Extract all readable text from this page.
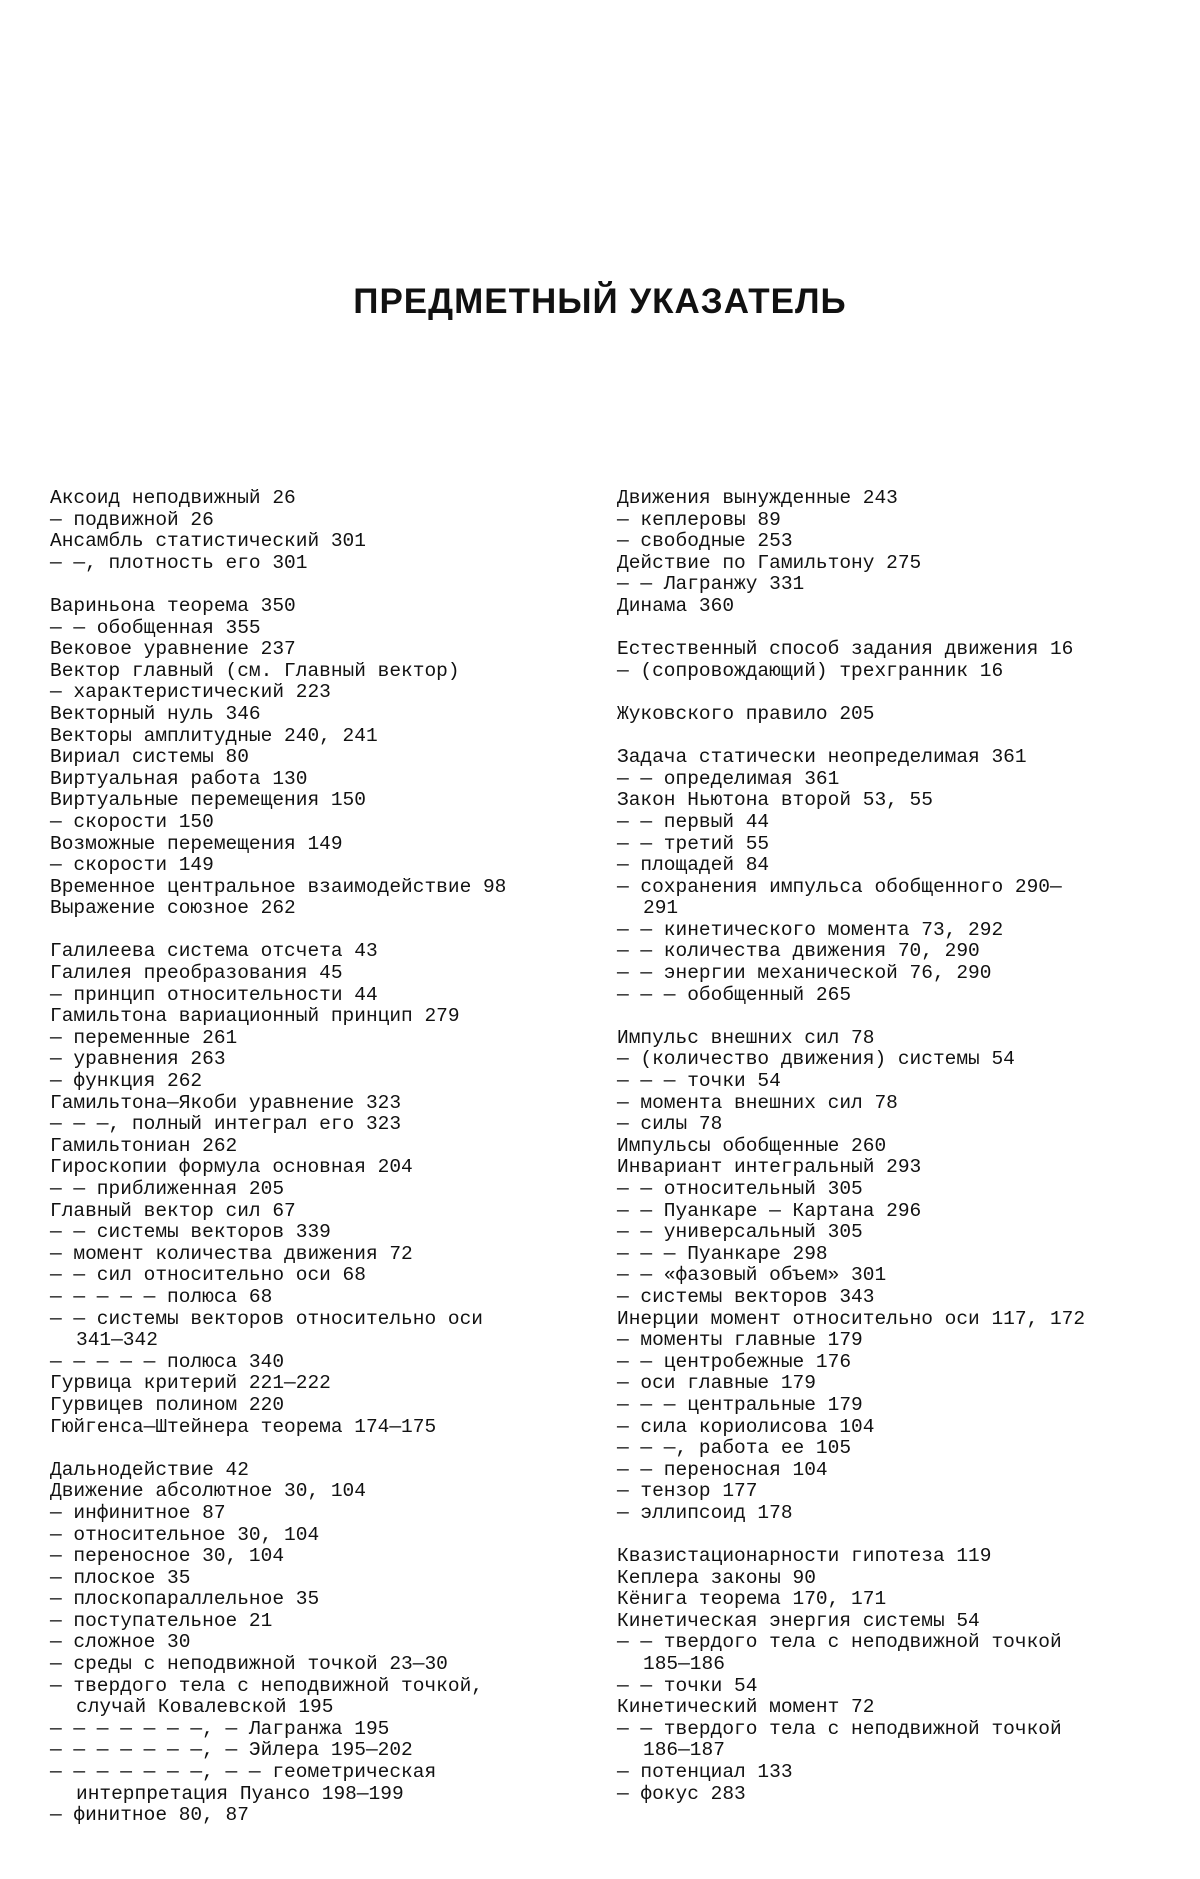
ПРЕДМЕТНЫЙ УКАЗАТЕЛЬ
Аксоид неподвижный 26
— подвижной 26
Ансамбль статистический 301
— —, плотность его 301
Вариньона теорема 350
— — обобщенная 355
Вековое уравнение 237
Вектор главный (см. Главный вектор)
— характеристический 223
Векторный нуль 346
Векторы амплитудные 240, 241
Вириал системы 80
Виртуальная работа 130
Виртуальные перемещения 150
— скорости 150
Возможные перемещения 149
— скорости 149
Временное центральное взаимодействие 98
Выражение союзное 262
Галилеева система отсчета 43
Галилея преобразования 45
— принцип относительности 44
Гамильтона вариационный принцип 279
— переменные 261
— уравнения 263
— функция 262
Гамильтона—Якоби уравнение 323
— — —, полный интеграл его 323
Гамильтониан 262
Гироскопии формула основная 204
— — приближенная 205
Главный вектор сил 67
— — системы векторов 339
— момент количества движения 72
— — сил относительно оси 68
— — — — — полюса 68
— — системы векторов относительно оси
341—342
— — — — — полюса 340
Гурвица критерий 221—222
Гурвицев полином 220
Гюйгенса—Штейнера теорема 174—175
Дальнодействие 42
Движение абсолютное 30, 104
— инфинитное 87
— относительное 30, 104
— переносное 30, 104
— плоское 35
— плоскопараллельное 35
— поступательное 21
— сложное 30
— среды с неподвижной точкой 23—30
— твердого тела с неподвижной точкой,
случай Ковалевской 195
— — — — — — —, — Лагранжа 195
— — — — — — —, — Эйлера 195—202
— — — — — — —, — — геометрическая
интерпретация Пуансо 198—199
— финитное 80, 87
Движения вынужденные 243
— кеплеровы 89
— свободные 253
Действие по Гамильтону 275
— — Лагранжу 331
Динама 360
Естественный способ задания движения 16
— (сопровождающий) трехгранник 16
Жуковского правило 205
Задача статически неопределимая 361
— — определимая 361
Закон Ньютона второй 53, 55
— — первый 44
— — третий 55
— площадей 84
— сохранения импульса обобщенного 290—
291
— — кинетического момента 73, 292
— — количества движения 70, 290
— — энергии механической 76, 290
— — — обобщенный 265
Импульс внешних сил 78
— (количество движения) системы 54
— — — точки 54
— момента внешних сил 78
— силы 78
Импульсы обобщенные 260
Инвариант интегральный 293
— — относительный 305
— — Пуанкаре — Картана 296
— — универсальный 305
— — — Пуанкаре 298
— — «фазовый объем» 301
— системы векторов 343
Инерции момент относительно оси 117, 172
— моменты главные 179
— — центробежные 176
— оси главные 179
— — — центральные 179
— сила кориолисова 104
— — —, работа ее 105
— — переносная 104
— тензор 177
— эллипсоид 178
Квазистационарности гипотеза 119
Кеплера законы 90
Кёнига теорема 170, 171
Кинетическая энергия системы 54
— — твердого тела с неподвижной точкой
185—186
— — точки 54
Кинетический момент 72
— — твердого тела с неподвижной точкой
186—187
— потенциал 133
— фокус 283
